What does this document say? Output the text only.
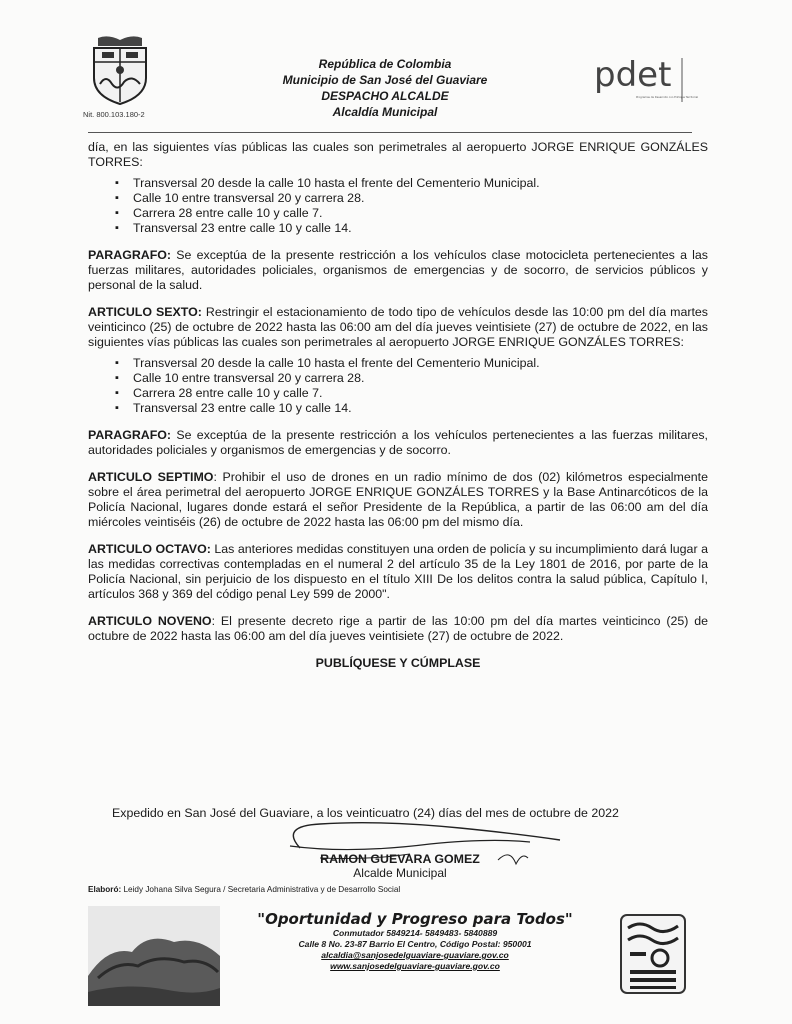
Nit. 800.103.180-2
República de Colombia
Municipio de San José del Guaviare
DESPACHO ALCALDE
Alcaldía Municipal
pdet
Programas de Desarrollo con Enfoque Territorial

día, en las siguientes vías públicas las cuales son perimetrales al aeropuerto JORGE ENRIQUE GONZÁLES TORRES:

▪ Transversal 20 desde la calle 10 hasta el frente del Cementerio Municipal.
▪ Calle 10 entre transversal 20 y carrera 28.
▪ Carrera 28 entre calle 10 y calle 7.
▪ Transversal 23 entre calle 10 y calle 14.

PARAGRAFO: Se exceptúa de la presente restricción a los vehículos clase motocicleta pertenecientes a las fuerzas militares, autoridades policiales, organismos de emergencias y de socorro, de servicios públicos y personal de la salud.

ARTICULO SEXTO: Restringir el estacionamiento de todo tipo de vehículos desde las 10:00 pm del día martes veinticinco (25) de octubre de 2022 hasta las 06:00 am del día jueves veintisiete (27) de octubre de 2022, en las siguientes vías públicas las cuales son perimetrales al aeropuerto JORGE ENRIQUE GONZÁLES TORRES:

▪ Transversal 20 desde la calle 10 hasta el frente del Cementerio Municipal.
▪ Calle 10 entre transversal 20 y carrera 28.
▪ Carrera 28 entre calle 10 y calle 7.
▪ Transversal 23 entre calle 10 y calle 14.

PARAGRAFO: Se exceptúa de la presente restricción a los vehículos pertenecientes a las fuerzas militares, autoridades policiales y organismos de emergencias y de socorro.

ARTICULO SEPTIMO: Prohibir el uso de drones en un radio mínimo de dos (02) kilómetros especialmente sobre el área perimetral del aeropuerto JORGE ENRIQUE GONZÁLES TORRES y la Base Antinarcóticos de la Policía Nacional, lugares donde estará el señor Presidente de la República, a partir de las 06:00 am del día miércoles veintiséis (26) de octubre de 2022 hasta las 06:00 pm del mismo día.

ARTICULO OCTAVO: Las anteriores medidas constituyen una orden de policía y su incumplimiento dará lugar a las medidas correctivas contempladas en el numeral 2 del artículo 35 de la Ley 1801 de 2016, por parte de la Policía Nacional, sin perjuicio de los dispuesto en el título XIII De los delitos contra la salud pública, Capítulo I, artículos 368 y 369 del código penal Ley 599 de 2000".

ARTICULO NOVENO: El presente decreto rige a partir de las 10:00 pm del día martes veinticinco (25) de octubre de 2022 hasta las 06:00 am del día jueves veintisiete (27) de octubre de 2022.

PUBLÍQUESE Y CÚMPLASE
Expedido en San José del Guaviare, a los veinticuatro (24) días del mes de octubre de 2022
RAMON GUEVARA GOMEZ
Alcalde Municipal
Elaboró: Leidy Johana Silva Segura / Secretaria Administrativa y de Desarrollo Social
"Oportunidad y Progreso para Todos"
Conmutador 5849214- 5849483- 5840889
Calle 8 No. 23-87 Barrio El Centro, Código Postal: 950001
alcaldia@sanjosedelguaviare-guaviare.gov.co
www.sanjosedelguaviare-guaviare.gov.co
